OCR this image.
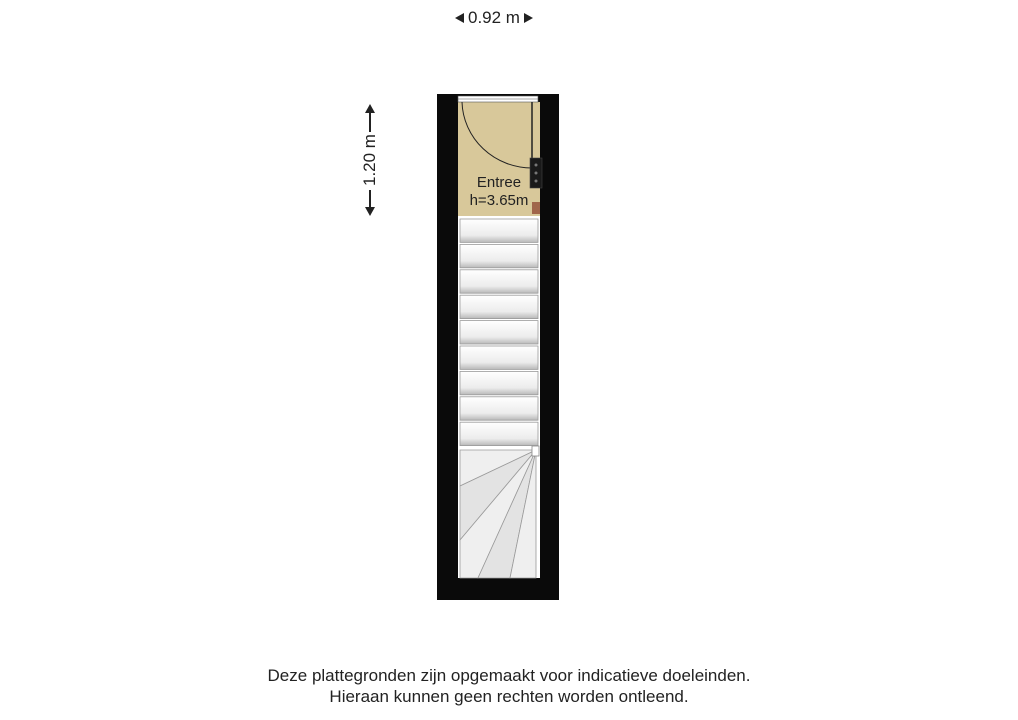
0.92 m
1.20 m	Entree
h=3.65m
Deze plattegronden zijn opgemaakt voor indicatieve doeleinden.
Hieraan kunnen geen rechten worden ontleend.
